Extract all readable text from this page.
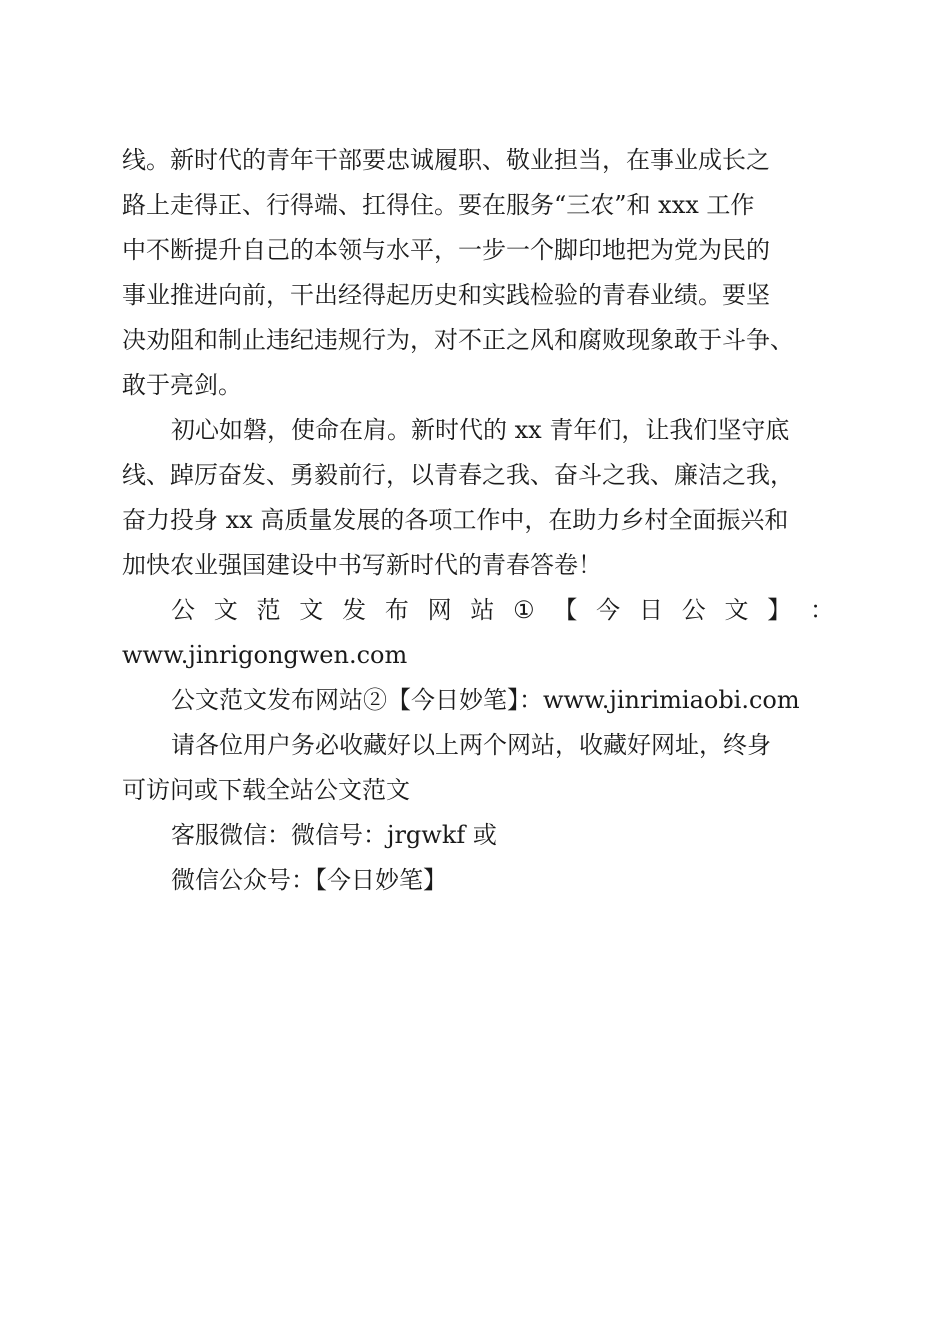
线。新时代的青年干部要忠诚履职、敬业担当，在事业成长之
路上走得正、行得端、扛得住。要在服务“三农”和 xxx 工作
中不断提升自己的本领与水平，一步一个脚印地把为党为民的
事业推进向前，干出经得起历史和实践检验的青春业绩。要坚
决劝阻和制止违纪违规行为，对不正之风和腐败现象敢于斗争、
敢于亮剑。
初心如磐，使命在肩。新时代的 xx 青年们，让我们坚守底
线、踔厉奋发、勇毅前行，以青春之我、奋斗之我、廉洁之我，
奋力投身 xx 高质量发展的各项工作中，在助力乡村全面振兴和
加快农业强国建设中书写新时代的青春答卷！
公 文 范 文 发 布 网 站 ① 【 今 日 公 文 】 ：
www.jinrigongwen.com
公文范文发布网站②【今日妙笔】：www.jinrimiaobi.com
请各位用户务必收藏好以上两个网站，收藏好网址，终身
可访问或下载全站公文范文
客服微信：微信号：jrgwkf 或
微信公众号：【今日妙笔】
